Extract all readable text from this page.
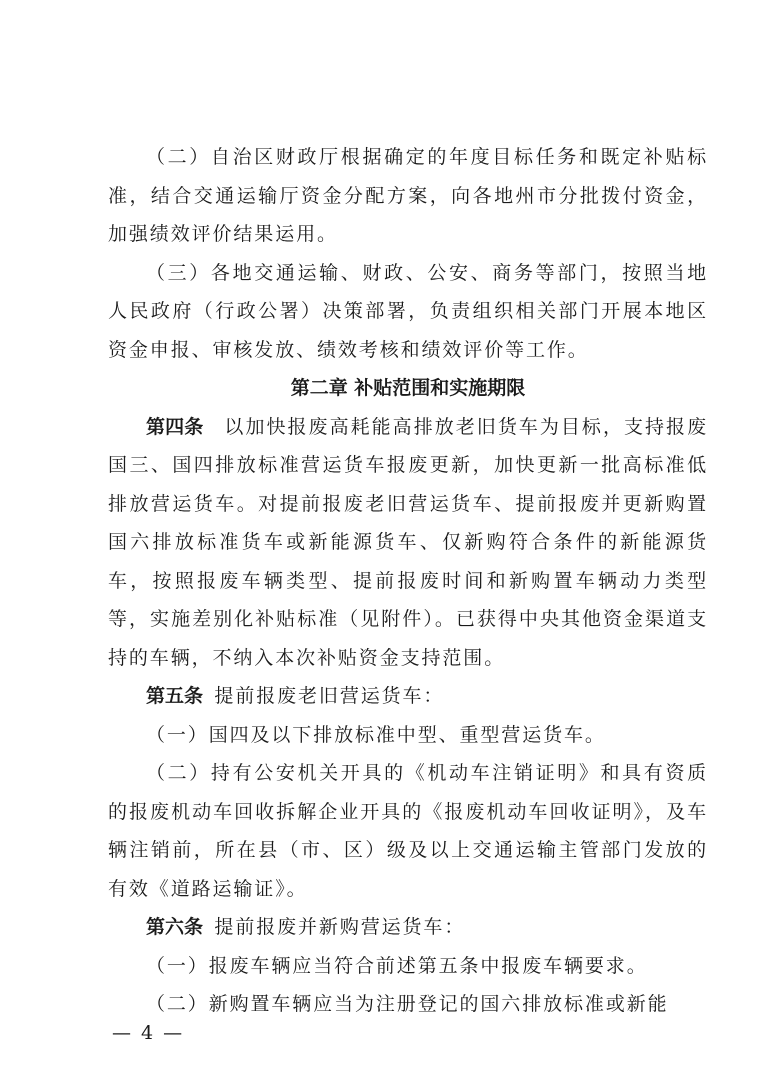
（二）自治区财政厅根据确定的年度目标任务和既定补贴标准，结合交通运输厅资金分配方案，向各地州市分批拨付资金，加强绩效评价结果运用。

（三）各地交通运输、财政、公安、商务等部门，按照当地人民政府（行政公署）决策部署，负责组织相关部门开展本地区资金申报、审核发放、绩效考核和绩效评价等工作。

第二章 补贴范围和实施期限

第四条  以加快报废高耗能高排放老旧货车为目标，支持报废国三、国四排放标准营运货车报废更新，加快更新一批高标准低排放营运货车。对提前报废老旧营运货车、提前报废并更新购置国六排放标准货车或新能源货车、仅新购符合条件的新能源货车，按照报废车辆类型、提前报废时间和新购置车辆动力类型等，实施差别化补贴标准（见附件）。已获得中央其他资金渠道支持的车辆，不纳入本次补贴资金支持范围。

第五条  提前报废老旧营运货车：

（一）国四及以下排放标准中型、重型营运货车。

（二）持有公安机关开具的《机动车注销证明》和具有资质的报废机动车回收拆解企业开具的《报废机动车回收证明》，及车辆注销前，所在县（市、区）级及以上交通运输主管部门发放的有效《道路运输证》。

第六条  提前报废并新购营运货车：

（一）报废车辆应当符合前述第五条中报废车辆要求。

（二）新购置车辆应当为注册登记的国六排放标准或新能

— 4 —
